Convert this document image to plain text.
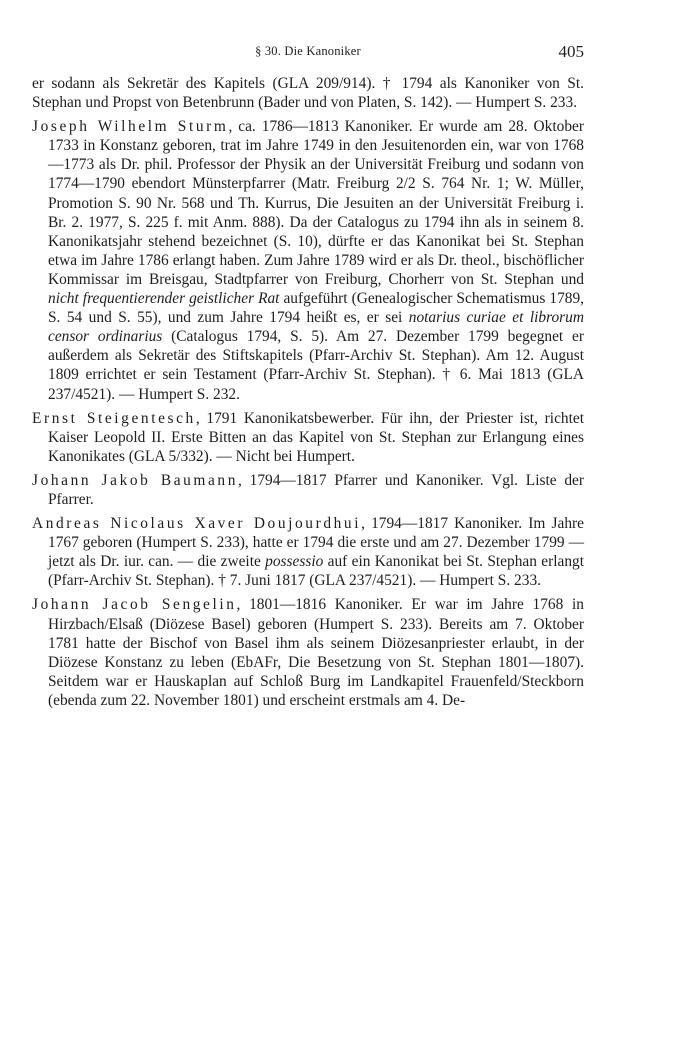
§ 30. Die Kanoniker	405

er sodann als Sekretär des Kapitels (GLA 209/914). † 1794 als Kanoniker von St. Stephan und Propst von Betenbrunn (Bader und von Platen, S. 142). — Humpert S. 233.

Joseph Wilhelm Sturm, ca. 1786—1813 Kanoniker. Er wurde am 28. Oktober 1733 in Konstanz geboren, trat im Jahre 1749 in den Jesuitenorden ein, war von 1768—1773 als Dr. phil. Professor der Physik an der Universität Freiburg und sodann von 1774—1790 ebendort Münsterpfarrer (Matr. Freiburg 2/2 S. 764 Nr. 1; W. Müller, Promotion S. 90 Nr. 568 und Th. Kurrus, Die Jesuiten an der Universität Freiburg i. Br. 2. 1977, S. 225 f. mit Anm. 888). Da der Catalogus zu 1794 ihn als in seinem 8. Kanonikatsjahr stehend bezeichnet (S. 10), dürfte er das Kanonikat bei St. Stephan etwa im Jahre 1786 erlangt haben. Zum Jahre 1789 wird er als Dr. theol., bischöflicher Kommissar im Breisgau, Stadtpfarrer von Freiburg, Chorherr von St. Stephan und nicht frequentierender geistlicher Rat aufgeführt (Genealogischer Schematismus 1789, S. 54 und S. 55), und zum Jahre 1794 heißt es, er sei notarius curiae et librorum censor ordinarius (Catalogus 1794, S. 5). Am 27. Dezember 1799 begegnet er außerdem als Sekretär des Stiftskapitels (Pfarr-Archiv St. Stephan). Am 12. August 1809 errichtet er sein Testament (Pfarr-Archiv St. Stephan). † 6. Mai 1813 (GLA 237/4521). — Humpert S. 232.

Ernst Steigentesch, 1791 Kanonikatsbewerber. Für ihn, der Priester ist, richtet Kaiser Leopold II. Erste Bitten an das Kapitel von St. Stephan zur Erlangung eines Kanonikates (GLA 5/332). — Nicht bei Humpert.

Johann Jakob Baumann, 1794—1817 Pfarrer und Kanoniker. Vgl. Liste der Pfarrer.

Andreas Nicolaus Xaver Doujourdhui, 1794—1817 Kanoniker. Im Jahre 1767 geboren (Humpert S. 233), hatte er 1794 die erste und am 27. Dezember 1799 — jetzt als Dr. iur. can. — die zweite possessio auf ein Kanonikat bei St. Stephan erlangt (Pfarr-Archiv St. Stephan). † 7. Juni 1817 (GLA 237/4521). — Humpert S. 233.

Johann Jacob Sengelin, 1801—1816 Kanoniker. Er war im Jahre 1768 in Hirzbach/Elsaß (Diözese Basel) geboren (Humpert S. 233). Bereits am 7. Oktober 1781 hatte der Bischof von Basel ihm als seinem Diözesanpriester erlaubt, in der Diözese Konstanz zu leben (EbAFr, Die Besetzung von St. Stephan 1801—1807). Seitdem war er Hauskaplan auf Schloß Burg im Landkapitel Frauenfeld/Steckborn (ebenda zum 22. November 1801) und erscheint erstmals am 4. De-
